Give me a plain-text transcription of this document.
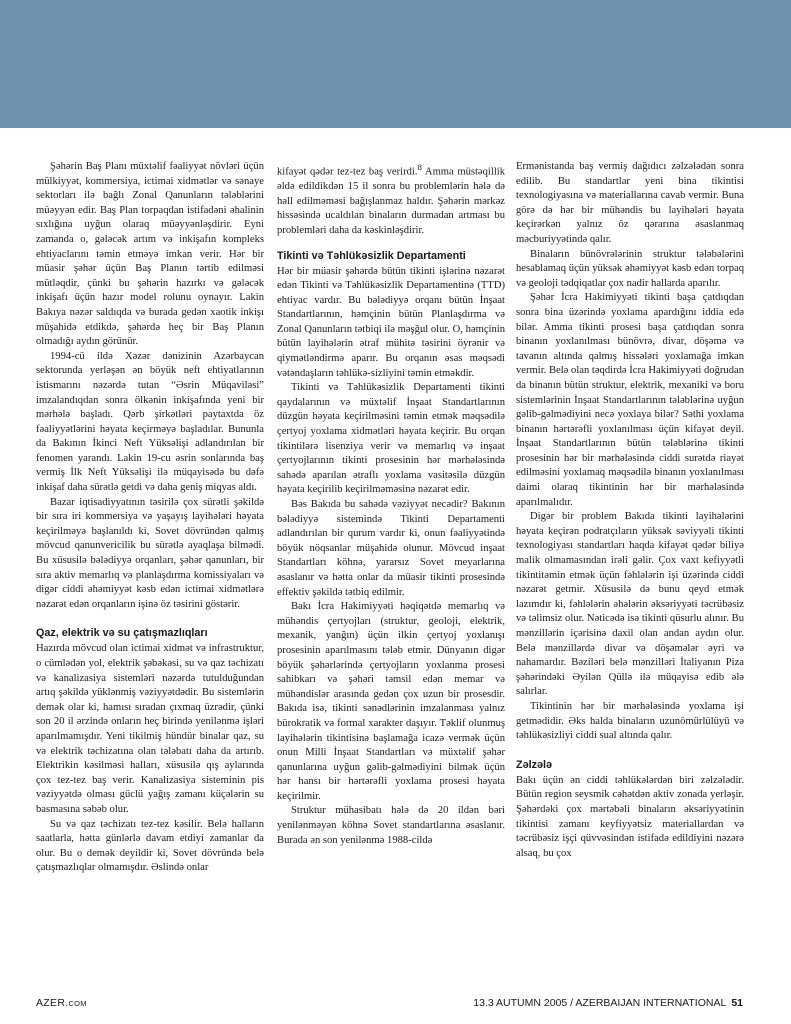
Şəhərin Baş Planı müxtəlif fəaliyyət növləri üçün mülkiyyət, kommersiya, ictimai xidmətlər və sənaye sektorları ilə bağlı Zonal Qanunların tələblərini müəyyən edir. Baş Plan torpaqdan istifadəni əhalinin sıxlığına uyğun olaraq müəyyənləşdirir. Eyni zamanda o, gələcək artım və inkişafın kompleks ehtiyaclarını təmin etməyə imkan verir. Hər bir müasir şəhər üçün Baş Planın tərtib edilməsi mütləqdir, çünki bu şəhərin hazırkı və gələcək inkişafı üçün hazır model rolunu oynayır. Lakin Bakıya nəzər saldıqda və burada gedən xaotik inkişı müşahidə etdikdə, şəhərdə heç bir Baş Planın olmadığı aydın görünür.

1994-cü ildə Xəzər dənizinin Azərbaycan sektorunda yerləşən ən böyük neft ehtiyatlarının istismarını nəzərdə tutan “Əsrin Müqaviləsi” imzalandıqdan sonra ölkənin inkişafında yeni bir mərhələ başladı. Qərb şirkətləri paytaxtda öz fəaliyyətlərini həyata keçirməyə başladılar. Bununla da Bakının İkinci Neft Yüksəlişi adlandırılan bir fenomen yarandı. Lakin 19-cu əsrin sonlarında baş vermiş İlk Neft Yüksəlişi ilə müqayisədə bu dəfə inkişaf daha sürətlə getdi və daha geniş miqyas aldı.

Bazar iqtisadiyyatının təsirilə çox sürətli şəkildə bir sıra iri kommersiya və yaşayış layihələri həyata keçirilməyə başlanıldı ki, Sovet dövründən qalmış mövcud qanunvericilik bu sürətlə ayaqlaşa bilmədi. Bu xüsusilə bələdiyyə orqanları, şəhər qanunları, bir sıra aktiv memarlıq və planlaşdırma komissiyaları və digər ciddi əhəmiyyət kəsb edən ictimai xidmətlərə nəzarət edən orqanların işinə öz təsirini göstərir.

Qaz, elektrik və su çatışmazlıqları

Hazırda mövcud olan ictimai xidmət və infrastruktur, o cümlədən yol, elektrik şəbəkəsi, su və qaz təchizatı və kanalizasiya sistemləri nəzərdə tutulduğundan artıq şəkildə yüklənmiş vəziyyətdədir. Bu sistemlərin demək olar ki, hamısı sıradan çıxmaq üzrədir, çünki son 20 il ərzində onların heç birində yenilənmə işləri aparılmamışdır. Yeni tikilmiş hündür binalar qaz, su və elektrik təchizatına olan tələbatı daha da artırıb. Elektrikin kəsilməsi halları, xüsusilə qış aylarında çox tez-tez baş verir. Kanalizasiya sisteminin pis vəziyyətdə olması güclü yağış zamanı küçələrin su basmasına səbəb olur.

Su və qaz təchizatı tez-tez kəsilir. Belə halların saatlarla, hətta günlərlə davam etdiyi zamanlar da olur. Bu o demək deyildir ki, Sovet dövründə belə çatışmazlıqlar olmamışdır. Əslində onlar

kifayət qədər tez-tez baş verirdi.$^8$ Amma müstəqillik əldə edildikdən 15 il sonra bu problemlərin hələ də həll edilməməsi bağışlanmaz haldır. Şəhərin mərkəz hissəsində ucaldılan binaların durmadan artması bu problemləri daha da kəskinləşdirir.

Tikinti və Təhlükəsizlik Departamenti

Hər bir müasir şəhərdə bütün tikinti işlərinə nəzarət edən Tikinti və Təhlükəsizlik Departamentinə (TTD) ehtiyac vardır. Bu bələdiyyə orqanı bütün İnşaat Standartlarının, həmçinin bütün Planlaşdırma və Zonal Qanunların tətbiqi ilə məşğul olur. O, həmçinin bütün layihələrin ətraf mühitə təsirini öyrənir və qiymətləndirmə aparır. Bu orqanın əsas məqsədi vətəndaşların təhlükə-sizliyini təmin etməkdir.

Tikinti və Təhlükəsizlik Departamenti tikinti qaydalarının və müxtəlif İnşaat Standartlarının düzgün həyata keçirilməsini təmin etmək məqsədilə çertyoj yoxlama xidmətləri həyata keçirir. Bu orqan tikintilərə lisenziya verir və memarlıq və inşaat çertyojlarının tikinti prosesinin hər mərhələsində sahədə aparılan ətraflı yoxlama vasitəsilə düzgün həyata keçirilib keçirilməməsinə nəzarət edir.

Bəs Bakıda bu sahədə vəziyyət necədir? Bakının bələdiyyə sistemində Tikinti Departamenti adlandırılan bir qurum vardır ki, onun fəaliyyətində böyük nöqsanlar müşahidə olunur. Mövcud inşaat Standartları köhnə, yararsız Sovet meyarlarına əsaslanır və hətta onlar da müasir tikinti prosesində effektiv şəkildə tətbiq edilmir.

Bakı İcra Hakimiyyəti həqiqətdə memarlıq və mühəndis çertyojları (struktur, geoloji, elektrik, mexanik, yanğın) üçün ilkin çertyoj yoxlanışı prosesinin aparılmasını tələb etmir. Dünyanın digər böyük şəhərlərində çertyojların yoxlanma prosesi sahibkarı və şəhəri təmsil edən memar və mühəndislər arasında gedən çox uzun bir prosesdir. Bakıda isə, tikinti sənədlərinin imzalanması yalnız bürokratik və formal xarakter daşıyır. Təklif olunmuş layihələrin tikintisinə başlamağa icazə vermək üçün onun Milli İnşaat Standartları və müxtəlif şəhər qanunlarına uyğun gəlib-gəlmədiyini bilmək üçün hər hansı bir hərtərəfli yoxlama prosesi həyata keçirilmir.

Struktur mühasibatı hələ də 20 ildən bəri yenilənməyən köhnə Sovet standartlarına əsaslanır. Burada ən son yenilənmə 1988-cildə

Ermənistanda baş vermiş dağıdıcı zəlzələdən sonra edilib. Bu standartlar yeni bina tikintisi texnologiyasına və materiallarına cavab vermir. Buna görə də hər bir mühəndis bu layihələri həyata keçirərkən yalnız öz qərarına əsaslanmaq məcburiyyətində qalır.

Binaların bünövrələrinin struktur tələbələrini hesablamaq üçün yüksək əhəmiyyət kəsb edən torpaq və geoloji tədqiqatlar çox nadir hallarda aparılır.

Şəhər İcra Hakimiyyəti tikinti başa çatdıqdan sonra bina üzərində yoxlama apardığını iddia edə bilər. Amma tikinti prosesi başa çatdıqdan sonra binanın yoxlanılması bünövrə, divar, döşəmə və tavanın altında qalmış hissələri yoxlamağa imkan vermir. Belə olan təqdirdə İcra Hakimiyyəti doğrudan da binanın bütün struktur, elektrik, mexaniki və boru sistemlərinin İnşaat Standartlarının tələblərinə uyğun gəlib-gəlmədiyini necə yoxlaya bilər? Səthi yoxlama binanın hərtərəfli yoxlanılması üçün kifayət deyil. İnşaat Standartlarının bütün tələblərinə tikinti prosesinin hər bir mərhələsində ciddi surətdə riayət edilməsini yoxlamaq məqsədilə binanın yoxlanılması daimi olaraq tikintinin hər bir mərhələsində aparılmalıdır.

Digər bir problem Bakıda tikinti layihələrini həyata keçirən podratçıların yüksək səviyyəli tikinti texnologiyası standartları haqda kifayət qədər biliyə malik olmamasından irəli gəlir. Çox vaxt kefiyyətli tikintitəmin etmək üçün fəhlələrin işi üzərində ciddi nəzarət getmir. Xüsusilə də bunu qeyd etmək lazımdır ki, fəhlələrin əhələrin əksəriyyəti təcrübəsiz və təlimsiz olur. Nəticədə isə tikinti qüsurlu alınır. Bu mənzillərin içərisinə daxil olan andan aydın olur. Belə mənzillərdə divar və döşəmələr əyri və nahamardır. Bəziləri belə mənzilləri İtaliyanın Piza şəhərindəki Əyilən Qüllə ilə müqayisə edib ələ salırlar.

Tikintinin hər bir mərhələsində yoxlama işi getmədidir. Əks halda binaların uzunömürlülüyü və təhlükəsizliyi ciddi sual altında qalır.

Zəlzələ

Bakı üçün ən ciddi təhlükələrdən biri zəlzələdir. Bütün region seysmik cəhətdən aktiv zonada yerləşir. Şəhərdəki çox mərtəbəli binaların əksəriyyətinin tikintisi zamanı keyfiyyətsiz materiallardan və təcrübəsiz işçi qüvvəsindən istifadə edildiyini nəzərə alsaq, bu çox

AZER.COM	13.3 AUTUMN 2005 / AZERBAIJAN INTERNATIONAL 51
